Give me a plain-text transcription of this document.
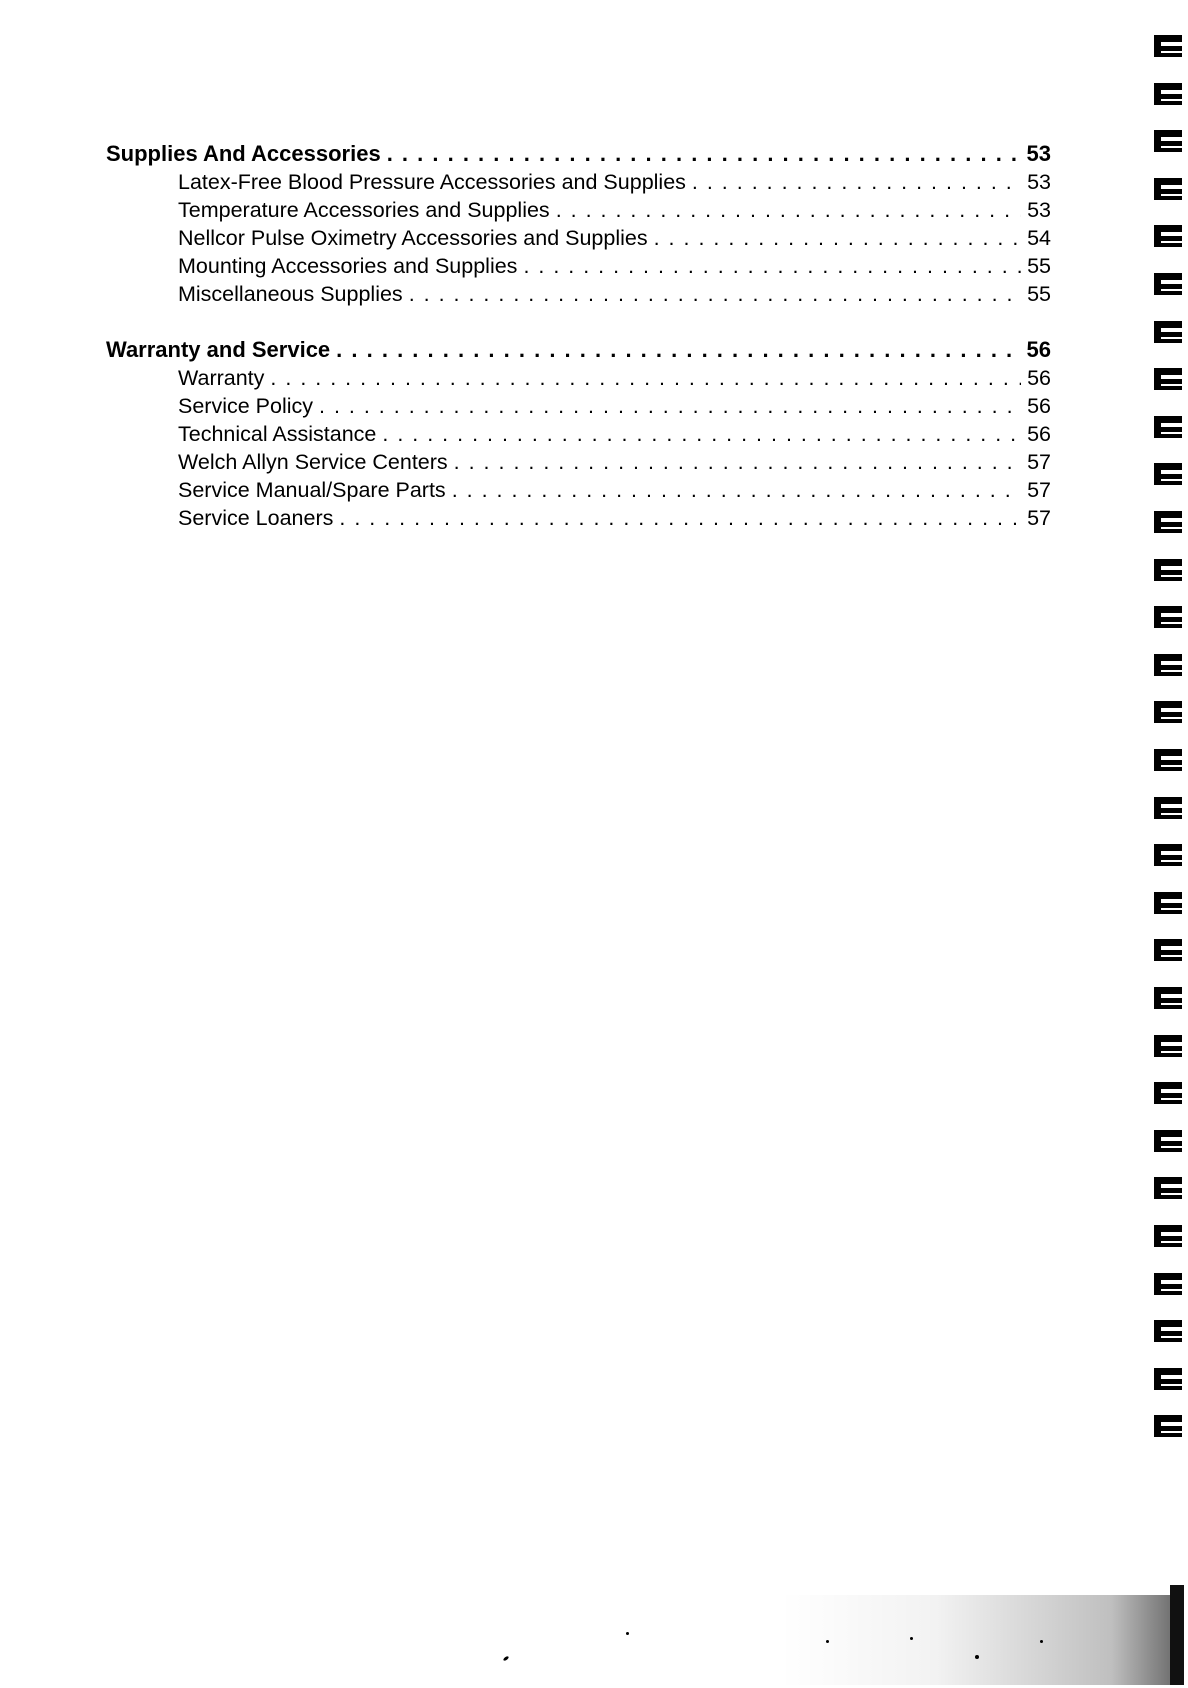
Supplies And Accessories . . .	53
Latex-Free Blood Pressure Accessories and Supplies . . .	53
Temperature Accessories and Supplies . . .	53
Nellcor Pulse Oximetry Accessories and Supplies . . .	54
Mounting Accessories and Supplies . . .	55
Miscellaneous Supplies . . .	55
Warranty and Service . . .	56
Warranty . . .	56
Service Policy . . .	56
Technical Assistance . . .	56
Welch Allyn Service Centers . . .	57
Service Manual/Spare Parts . . .	57
Service Loaners . . .	57
